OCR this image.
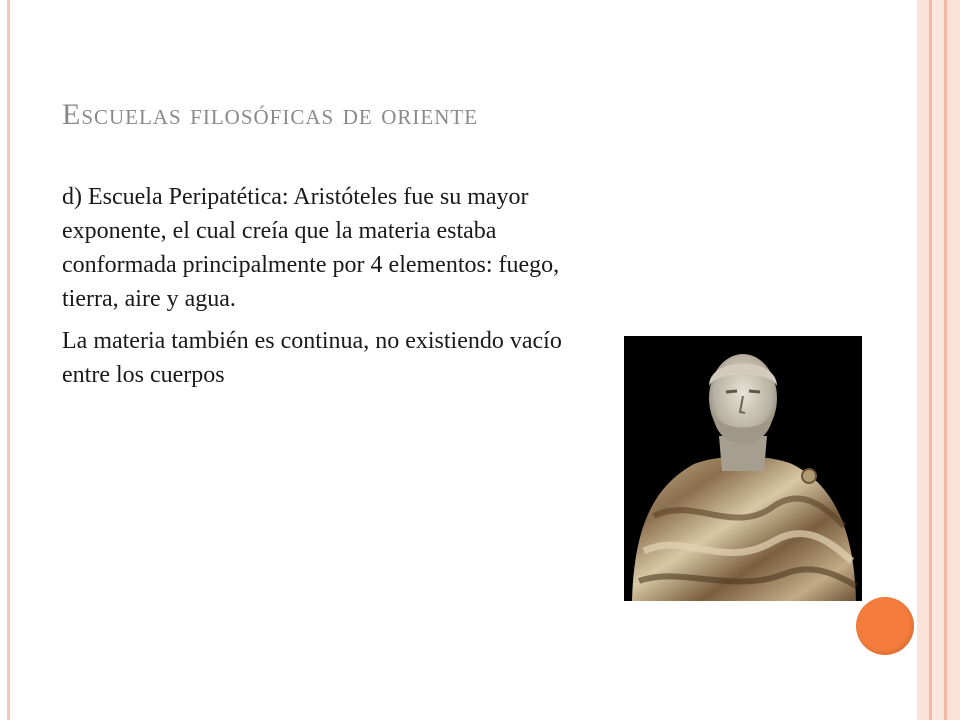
Escuelas filosóficas de oriente

d) Escuela Peripatética: Aristóteles fue su mayor exponente, el cual creía que la materia estaba conformada principalmente por 4 elementos: fuego, tierra, aire y agua.

La materia también es continua, no existiendo vacío entre los cuerpos
